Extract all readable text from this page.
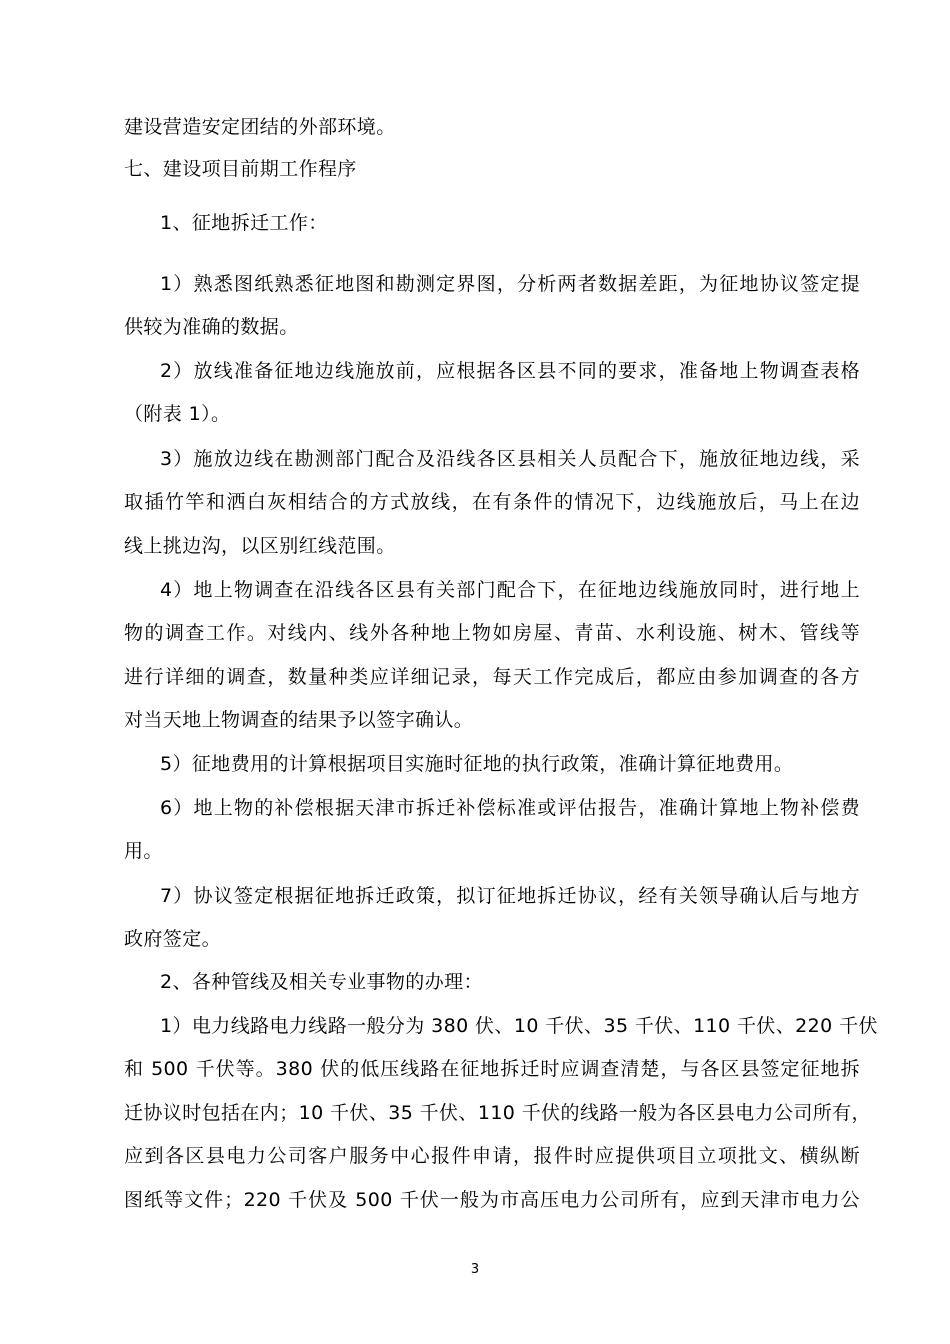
建设营造安定团结的外部环境。
七、建设项目前期工作程序
1、征地拆迁工作：
1）熟悉图纸熟悉征地图和勘测定界图，分析两者数据差距，为征地协议签定提
供较为准确的数据。
2）放线准备征地边线施放前，应根据各区县不同的要求，准备地上物调查表格
（附表 1）。
3）施放边线在勘测部门配合及沿线各区县相关人员配合下，施放征地边线，采
取插竹竿和洒白灰相结合的方式放线，在有条件的情况下，边线施放后，马上在边
线上挑边沟，以区别红线范围。
4）地上物调查在沿线各区县有关部门配合下，在征地边线施放同时，进行地上
物的调查工作。对线内、线外各种地上物如房屋、青苗、水利设施、树木、管线等
进行详细的调查，数量种类应详细记录，每天工作完成后，都应由参加调查的各方
对当天地上物调查的结果予以签字确认。
5）征地费用的计算根据项目实施时征地的执行政策，准确计算征地费用。
6）地上物的补偿根据天津市拆迁补偿标准或评估报告，准确计算地上物补偿费
用。
7）协议签定根据征地拆迁政策，拟订征地拆迁协议，经有关领导确认后与地方
政府签定。
2、各种管线及相关专业事物的办理：
1）电力线路电力线路一般分为 380 伏、10 千伏、35 千伏、110 千伏、220 千伏
和 500 千伏等。380 伏的低压线路在征地拆迁时应调查清楚，与各区县签定征地拆
迁协议时包括在内；10 千伏、35 千伏、110 千伏的线路一般为各区县电力公司所有，
应到各区县电力公司客户服务中心报件申请，报件时应提供项目立项批文、横纵断
图纸等文件；220 千伏及 500 千伏一般为市高压电力公司所有，应到天津市电力公
3
